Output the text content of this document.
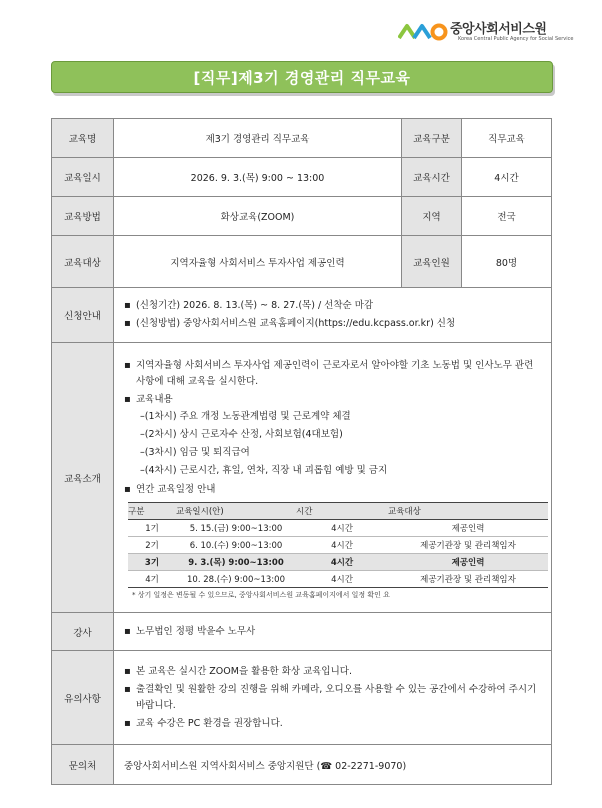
중앙사회서비스원
Korea Central Public Agency for Social Service
[직무]제3기 경영관리 직무교육
교육명	제3기 경영관리 직무교육	교육구분	직무교육
교육일시	2026. 9. 3.(목) 9:00 ~ 13:00	교육시간	4시간
교육방법	화상교육(ZOOM)	지역	전국
교육대상	지역자율형 사회서비스 투자사업 제공인력	교육인원	80명
신청안내	
▪ (신청기간) 2026. 8. 13.(목) ~ 8. 27.(목) / 선착순 마감
▪ (신청방법) 중앙사회서비스원 교육홈페이지(https://edu.kcpass.or.kr) 신청

교육소개	
▪ 지역자율형 사회서비스 투자사업 제공인력이 근로자로서 알아야할 기초 노동법 및 인사노무 관련 사항에 대해 교육을 실시한다.
▪ 교육내용
– (1차시) 주요 개정 노동관계법령 및 근로계약 체결
– (2차시) 상시 근로자수 산정, 사회보험(4대보험)
– (3차시) 임금 및 퇴직급여
– (4차시) 근로시간, 휴일, 연차, 직장 내 괴롭힘 예방 및 금지
▪ 연간 교육일정 안내
구분	교육일시(안)	시간	교육대상
1기	5. 15.(금) 9:00~13:00	4시간	제공인력
2기	6. 10.(수) 9:00~13:00	4시간	제공기관장 및 관리책임자
3기	9. 3.(목) 9:00~13:00	4시간	제공인력
4기	10. 28.(수) 9:00~13:00	4시간	제공기관장 및 관리책임자
* 상기 일정은 변동될 수 있으므로, 중앙사회서비스원 교육홈페이지에서 일정 확인 요

강사	
▪노무법인 정평 박윤수 노무사

유의사항	
▪ 본 교육은 실시간 ZOOM을 활용한 화상 교육입니다.
▪ 출결확인 및 원활한 강의 진행을 위해 카메라, 오디오를 사용할 수 있는 공간에서 수강하여 주시기 바랍니다.
▪ 교육 수강은 PC 환경을 권장합니다.

문의처	중앙사회서비스원 지역사회서비스 중앙지원단 (☎ 02-2271-9070)
